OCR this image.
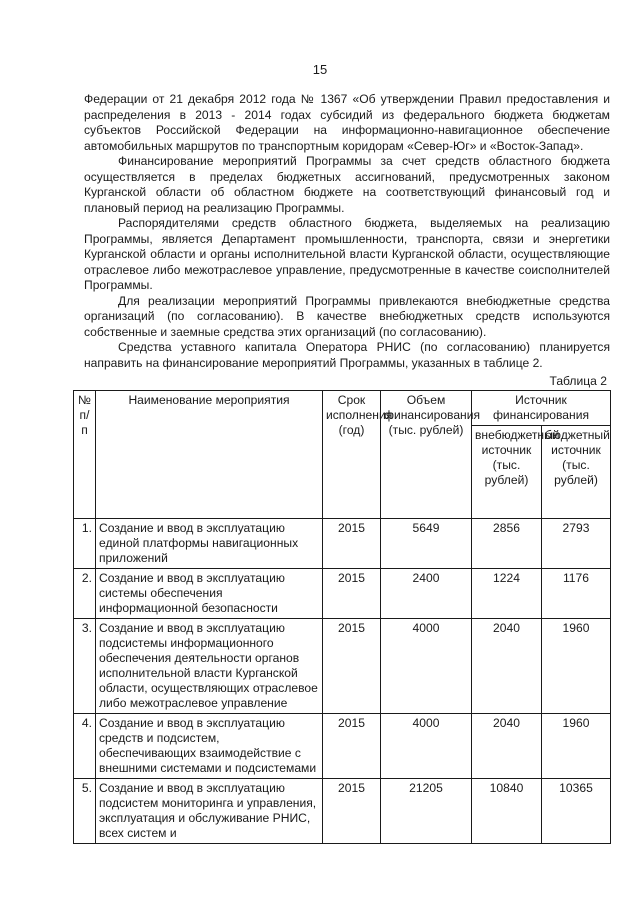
15

Федерации от 21 декабря 2012 года № 1367 «Об утверждении Правил предоставления и распределения в 2013 - 2014 годах субсидий из федерального бюджета бюджетам субъектов Российской Федерации на информационно-навигационное обеспечение автомобильных маршрутов по транспортным коридорам «Север-Юг» и «Восток-Запад».

Финансирование мероприятий Программы за счет средств областного бюджета осуществляется в пределах бюджетных ассигнований, предусмотренных законом Курганской области об областном бюджете на соответствующий финансовый год и плановый период на реализацию Программы.

Распорядителями средств областного бюджета, выделяемых на реализацию Программы, является Департамент промышленности, транспорта, связи и энергетики Курганской области и органы исполнительной власти Курганской области, осуществляющие отраслевое либо межотраслевое управление, предусмотренные в качестве соисполнителей Программы.

Для реализации мероприятий Программы привлекаются внебюджетные средства организаций (по согласованию). В качестве внебюджетных средств используются собственные и заемные средства этих организаций (по согласованию).

Средства уставного капитала Оператора РНИС (по согласованию) планируется направить на финансирование мероприятий Программы, указанных в таблице 2.

Таблица 2
№ п/п	Наименование мероприятия	Срок исполнения (год)	Объем финансирования (тыс. рублей)	Источник финансирования	
				внебюджетный источник (тыс. рублей)	бюджетный источник (тыс. рублей)
1.	Создание и ввод в эксплуатацию единой платформы навигационных приложений	2015	5649	2856	2793
2.	Создание и ввод в эксплуатацию системы обеспечения информационной безопасности	2015	2400	1224	1176
3.	Создание и ввод в эксплуатацию подсистемы информационного обеспечения деятельности органов исполнительной власти Курганской области, осуществляющих отраслевое либо межотраслевое управление	2015	4000	2040	1960
4.	Создание и ввод в эксплуатацию средств и подсистем, обеспечивающих взаимодействие с внешними системами и подсистемами	2015	4000	2040	1960
5.	Создание и ввод в эксплуатацию подсистем мониторинга и управления, эксплуатация и обслуживание РНИС, всех систем и	2015	21205	10840	10365
